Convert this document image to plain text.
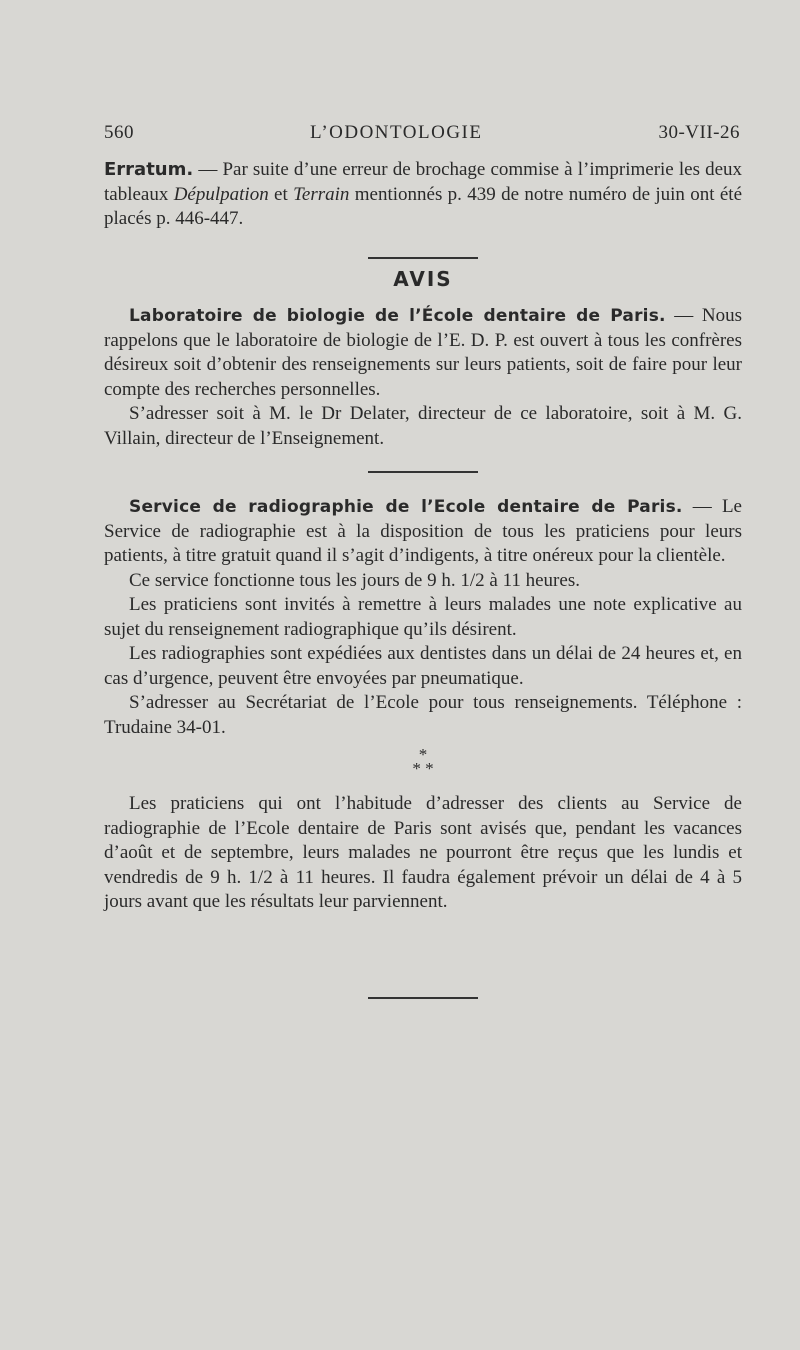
560	L’ODONTOLOGIE	30-VII-26

Erratum. — Par suite d’une erreur de brochage commise à l’imprimerie les deux tableaux Dépulpation et Terrain mentionnés p. 439 de notre numéro de juin ont été placés p. 446-447.

AVIS

Laboratoire de biologie de l’École dentaire de Paris. — Nous rappelons que le laboratoire de biologie de l’E. D. P. est ouvert à tous les confrères désireux soit d’obtenir des renseignements sur leurs patients, soit de faire pour leur compte des recherches personnelles.

S’adresser soit à M. le Dr Delater, directeur de ce laboratoire, soit à M. G. Villain, directeur de l’Enseignement.

Service de radiographie de l’Ecole dentaire de Paris. — Le Service de radiographie est à la disposition de tous les praticiens pour leurs patients, à titre gratuit quand il s’agit d’indigents, à titre onéreux pour la clientèle.

Ce service fonctionne tous les jours de 9 h. 1/2 à 11 heures.

Les praticiens sont invités à remettre à leurs malades une note explicative au sujet du renseignement radiographique qu’ils désirent.

Les radiographies sont expédiées aux dentistes dans un délai de 24 heures et, en cas d’urgence, peuvent être envoyées par pneumatique.

S’adresser au Secrétariat de l’Ecole pour tous renseignements. Téléphone : Trudaine 34-01.

*
* *

Les praticiens qui ont l’habitude d’adresser des clients au Service de radiographie de l’Ecole dentaire de Paris sont avisés que, pendant les vacances d’août et de septembre, leurs malades ne pourront être reçus que les lundis et vendredis de 9 h. 1/2 à 11 heures. Il faudra également prévoir un délai de 4 à 5 jours avant que les résultats leur parviennent.
